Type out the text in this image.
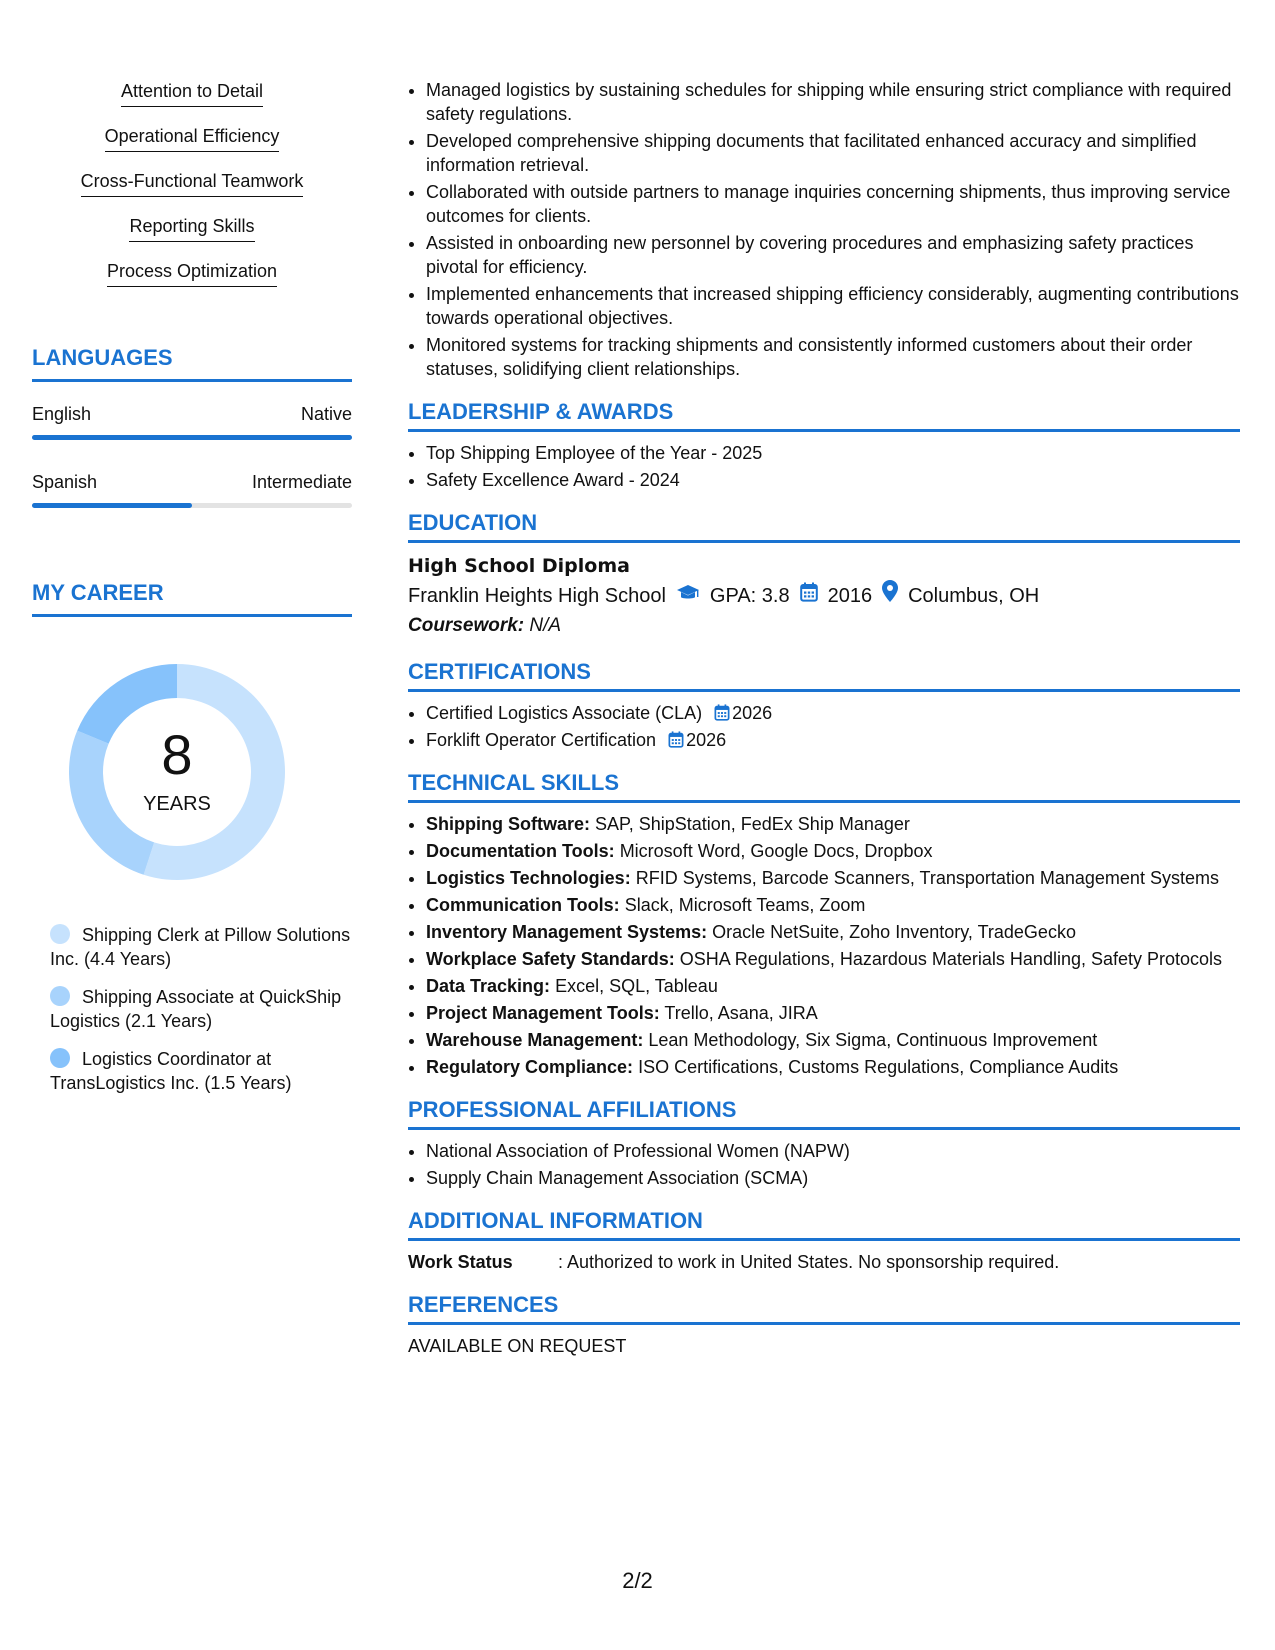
Attention to Detail
Operational Efficiency
Cross-Functional Teamwork
Reporting Skills
Process Optimization
LANGUAGES
English	Native
Spanish	Intermediate
MY CAREER
8
YEARS
Shipping Clerk at Pillow Solutions Inc. (4.4 Years)
Shipping Associate at QuickShip Logistics (2.1 Years)
Logistics Coordinator at TransLogistics Inc. (1.5 Years)
• Managed logistics by sustaining schedules for shipping while ensuring strict compliance with required safety regulations.
• Developed comprehensive shipping documents that facilitated enhanced accuracy and simplified information retrieval.
• Collaborated with outside partners to manage inquiries concerning shipments, thus improving service outcomes for clients.
• Assisted in onboarding new personnel by covering procedures and emphasizing safety practices pivotal for efficiency.
• Implemented enhancements that increased shipping efficiency considerably, augmenting contributions towards operational objectives.
• Monitored systems for tracking shipments and consistently informed customers about their order statuses, solidifying client relationships.
LEADERSHIP & AWARDS
• Top Shipping Employee of the Year - 2025
• Safety Excellence Award - 2024
EDUCATION
High School Diploma
Franklin Heights High School GPA: 3.8 2016 Columbus, OH
Coursework: N/A
CERTIFICATIONS
• Certified Logistics Associate (CLA) 2026
• Forklift Operator Certification 2026
TECHNICAL SKILLS
• Shipping Software: SAP, ShipStation, FedEx Ship Manager
• Documentation Tools: Microsoft Word, Google Docs, Dropbox
• Logistics Technologies: RFID Systems, Barcode Scanners, Transportation Management Systems
• Communication Tools: Slack, Microsoft Teams, Zoom
• Inventory Management Systems: Oracle NetSuite, Zoho Inventory, TradeGecko
• Workplace Safety Standards: OSHA Regulations, Hazardous Materials Handling, Safety Protocols
• Data Tracking: Excel, SQL, Tableau
• Project Management Tools: Trello, Asana, JIRA
• Warehouse Management: Lean Methodology, Six Sigma, Continuous Improvement
• Regulatory Compliance: ISO Certifications, Customs Regulations, Compliance Audits
PROFESSIONAL AFFILIATIONS
• National Association of Professional Women (NAPW)
• Supply Chain Management Association (SCMA)
ADDITIONAL INFORMATION
Work Status	: Authorized to work in United States. No sponsorship required.
REFERENCES
AVAILABLE ON REQUEST
2/2
